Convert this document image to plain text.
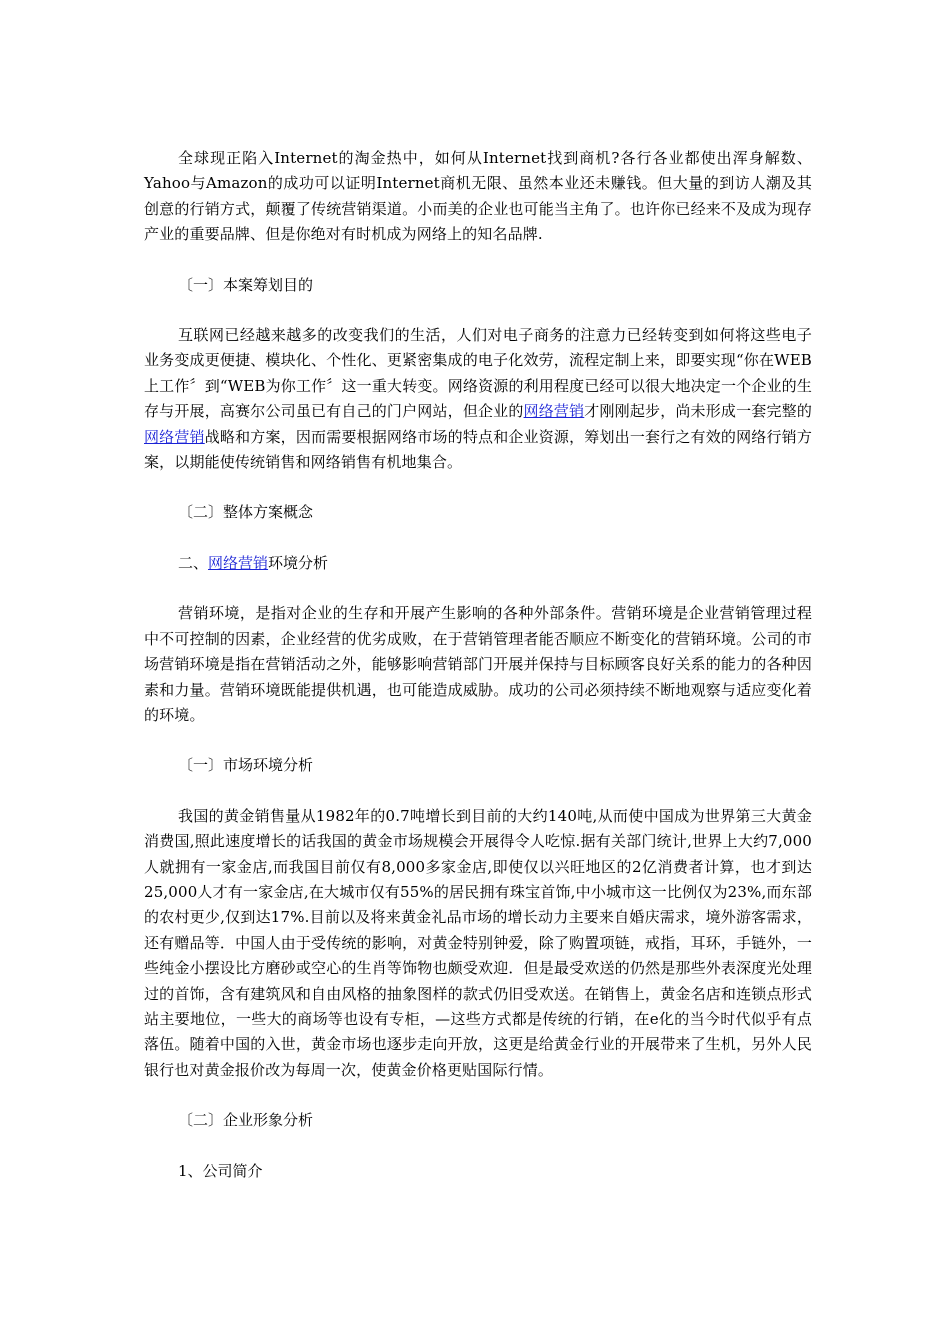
全球现正陷入Internet的淘金热中，如何从Internet找到商机?各行各业都使出浑身解数、Yahoo与Amazon的成功可以证明Internet商机无限、虽然本业还未赚钱。但大量的到访人潮及其创意的行销方式，颠覆了传统营销渠道。小而美的企业也可能当主角了。也许你已经来不及成为现存产业的重要品牌、但是你绝对有时机成为网络上的知名品牌.

〔一〕本案筹划目的

互联网已经越来越多的改变我们的生活，人们对电子商务的注意力已经转变到如何将这些电子业务变成更便捷、模块化、个性化、更紧密集成的电子化效劳，流程定制上来，即要实现“你在WEB上工作〞到“WEB为你工作〞这一重大转变。网络资源的利用程度已经可以很大地决定一个企业的生存与开展，高赛尔公司虽已有自己的门户网站，但企业的网络营销才刚刚起步，尚未形成一套完整的网络营销战略和方案，因而需要根据网络市场的特点和企业资源，筹划出一套行之有效的网络行销方案，以期能使传统销售和网络销售有机地集合。

〔二〕整体方案概念

二、网络营销环境分析

营销环境，是指对企业的生存和开展产生影响的各种外部条件。营销环境是企业营销管理过程中不可控制的因素，企业经营的优劣成败，在于营销管理者能否顺应不断变化的营销环境。公司的市场营销环境是指在营销活动之外，能够影响营销部门开展并保持与目标顾客良好关系的能力的各种因素和力量。营销环境既能提供机遇，也可能造成威胁。成功的公司必须持续不断地观察与适应变化着的环境。

〔一〕市场环境分析

我国的黄金销售量从1982年的0.7吨增长到目前的大约140吨,从而使中国成为世界第三大黄金消费国,照此速度增长的话我国的黄金市场规模会开展得令人吃惊.据有关部门统计,世界上大约7,000人就拥有一家金店,而我国目前仅有8,000多家金店,即使仅以兴旺地区的2亿消费者计算，也才到达25,000人才有一家金店,在大城市仅有55%的居民拥有珠宝首饰,中小城市这一比例仅为23%,而东部的农村更少,仅到达17%.目前以及将来黄金礼品市场的增长动力主要来自婚庆需求，境外游客需求，还有赠品等．中国人由于受传统的影响，对黄金特别钟爱，除了购置项链，戒指，耳环，手链外，一些纯金小摆设比方磨砂或空心的生肖等饰物也颇受欢迎．但是最受欢送的仍然是那些外表深度光处理过的首饰，含有建筑风和自由风格的抽象图样的款式仍旧受欢送。在销售上，黄金名店和连锁点形式站主要地位，一些大的商场等也设有专柜，—这些方式都是传统的行销，在e化的当今时代似乎有点落伍。随着中国的入世，黄金市场也逐步走向开放，这更是给黄金行业的开展带来了生机，另外人民银行也对黄金报价改为每周一次，使黄金价格更贴国际行情。

〔二〕企业形象分析

1、公司简介
